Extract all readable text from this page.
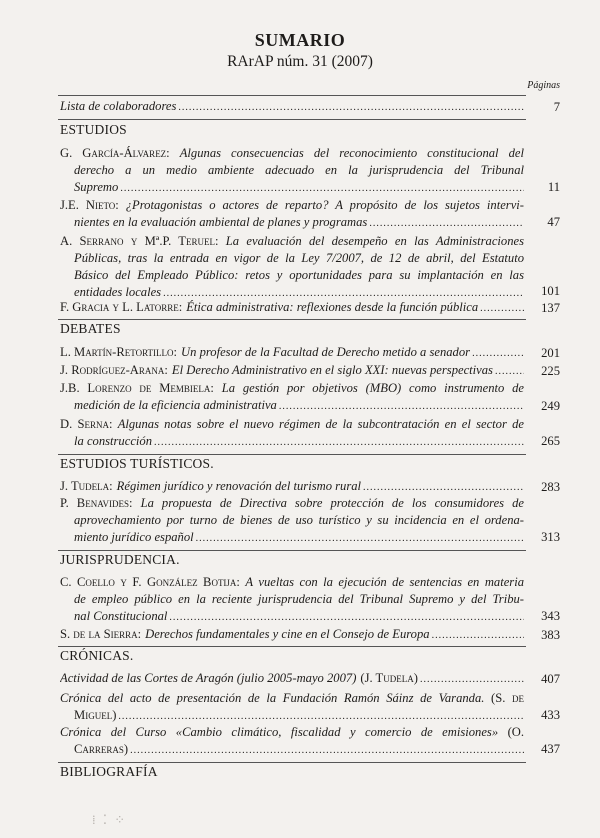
SUMARIO
RArAP núm. 31 (2007)
Páginas
Lista de colaboradores .....	7
ESTUDIOS
G. García-Álvarez: Algunas consecuencias del reconocimiento constitucional del
derecho a un medio ambiente adecuado en la jurisprudencia del Tribunal
Supremo .....	11
J.E. Nieto: ¿Protagonistas o actores de reparto? A propósito de los sujetos intervi-
nientes en la evaluación ambiental de planes y programas .....	47
A. Serrano y Mª.P. Teruel: La evaluación del desempeño en las Administraciones
Públicas, tras la entrada en vigor de la Ley 7/2007, de 12 de abril, del Estatuto
Básico del Empleado Público: retos y oportunidades para su implantación en las
entidades locales .....	101
F. Gracia y L. Latorre: Ética administrativa: reflexiones desde la función pública .....	137
DEBATES
L. Martín-Retortillo: Un profesor de la Facultad de Derecho metido a senador .....	201
J. Rodríguez-Arana: El Derecho Administrativo en el siglo XXI: nuevas perspectivas .....	225
J.B. Lorenzo de Membiela: La gestión por objetivos (MBO) como instrumento de
medición de la eficiencia administrativa .....	249
D. Serna: Algunas notas sobre el nuevo régimen de la subcontratación en el sector de
la construcción .....	265
ESTUDIOS TURÍSTICOS.
J. Tudela: Régimen jurídico y renovación del turismo rural .....	283
P. Benavides: La propuesta de Directiva sobre protección de los consumidores de
aprovechamiento por turno de bienes de uso turístico y su incidencia en el ordena-
miento jurídico español .....	313
JURISPRUDENCIA.
C. Coello y F. González Botija: A vueltas con la ejecución de sentencias en materia
de empleo público en la reciente jurisprudencia del Tribunal Supremo y del Tribu-
nal Constitucional .....	343
S. de la Sierra: Derechos fundamentales y cine en el Consejo de Europa .....	383
CRÓNICAS.
Actividad de las Cortes de Aragón (julio 2005-mayo 2007) (J. Tudela) .....	407
Crónica del acto de presentación de la Fundación Ramón Sáinz de Varanda. (S. de
Miguel) .....	433
Crónica del Curso «Cambio climático, fiscalidad y comercio de emisiones» (O.
Carreras) .....	437
BIBLIOGRAFÍA
⁞ ⁚ ⁘
